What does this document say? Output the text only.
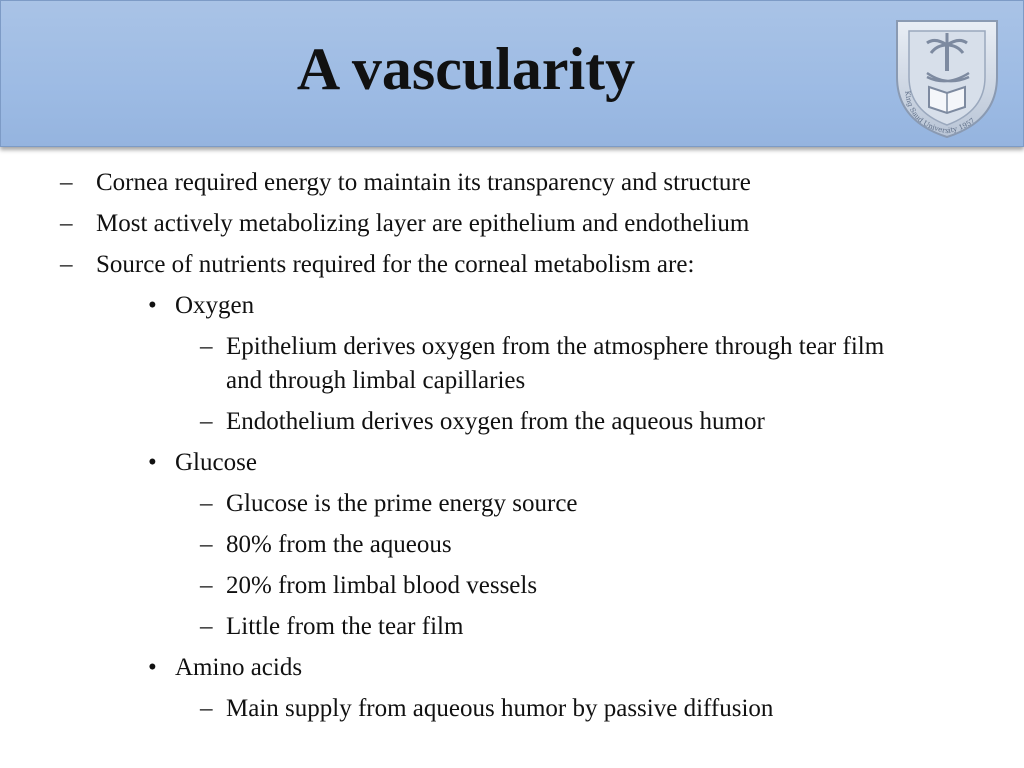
A vascularity	King Saud University 1957
– Cornea required energy to maintain its transparency and structure
– Most actively metabolizing layer are epithelium and endothelium
– Source of nutrients required for the corneal metabolism are:
• Oxygen
– Epithelium derives oxygen from the atmosphere through tear film
and through limbal capillaries
– Endothelium derives oxygen from the aqueous humor
• Glucose
– Glucose is the prime energy source
– 80% from the aqueous
– 20% from limbal blood vessels
– Little from the tear film
• Amino acids
– Main supply from aqueous humor by passive diffusion
